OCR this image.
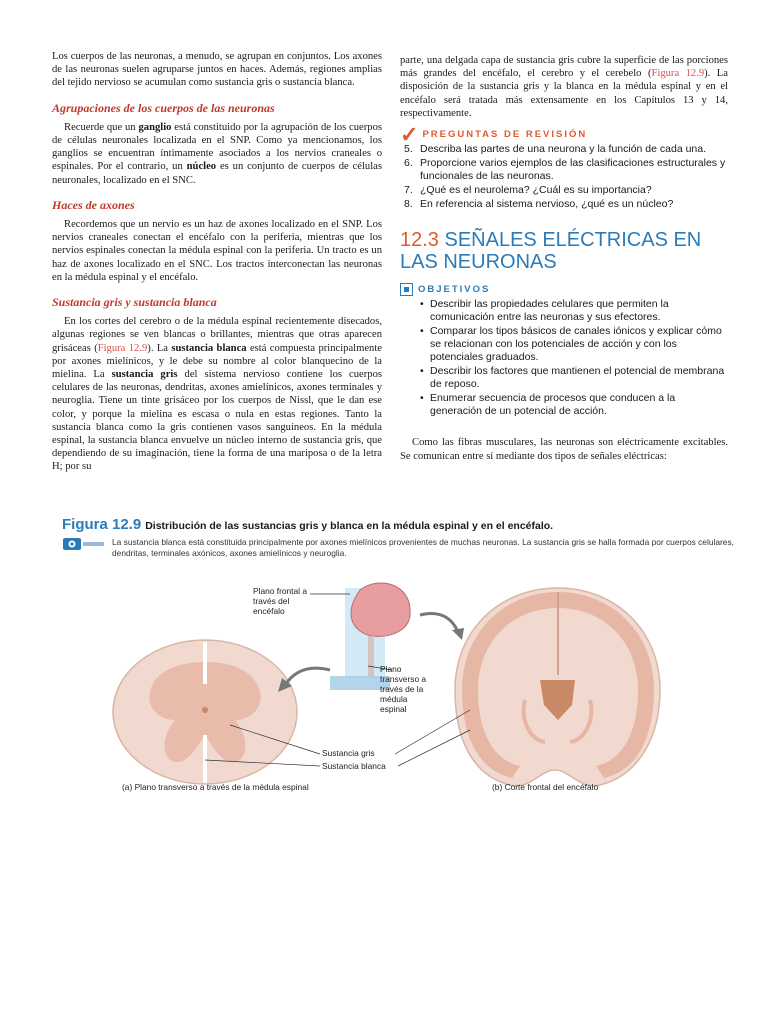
Los cuerpos de las neuronas, a menudo, se agrupan en conjuntos. Los axones de las neuronas suelen agruparse juntos en haces. Además, regiones amplias del tejido nervioso se acumulan como sustancia gris o sustancia blanca.

Agrupaciones de los cuerpos de las neuronas

Recuerde que un ganglio está constituido por la agrupación de los cuerpos de células neuronales localizada en el SNP. Como ya mencionamos, los ganglios se encuentran íntimamente asociados a los nervios craneales o espinales. Por el contrario, un núcleo es un conjunto de cuerpos de células neuronales, localizado en el SNC.

Haces de axones

Recordemos que un nervio es un haz de axones localizado en el SNP. Los nervios craneales conectan el encéfalo con la periferia, mientras que los nervios espinales conectan la médula espinal con la periferia. Un tracto es un haz de axones localizado en el SNC. Los tractos interconectan las neuronas en la médula espinal y el encéfalo.

Sustancia gris y sustancia blanca

En los cortes del cerebro o de la médula espinal recientemente disecados, algunas regiones se ven blancas o brillantes, mientras que otras aparecen grisáceas (Figura 12.9). La sustancia blanca está compuesta principalmente por axones mielínicos, y le debe su nombre al color blanquecino de la mielina. La sustancia gris del sistema nervioso contiene los cuerpos celulares de las neuronas, dendritas, axones amielínicos, axones terminales y neuroglia. Tiene un tinte grisáceo por los cuerpos de Nissl, que le dan ese color, y porque la mielina es escasa o nula en estas regiones. Tanto la sustancia blanca como la gris contienen vasos sanguíneos. En la médula espinal, la sustancia blanca envuelve un núcleo interno de sustancia gris, que dependiendo de su imaginación, tiene la forma de una mariposa o de la letra H; por su

parte, una delgada capa de sustancia gris cubre la superficie de las porciones más grandes del encéfalo, el cerebro y el cerebelo (Figura 12.9). La disposición de la sustancia gris y la blanca en la médula espinal y en el encéfalo será tratada más extensamente en los Capítulos 13 y 14, respectivamente.

✓ PREGUNTAS DE REVISIÓN
Describa las partes de una neurona y la función de cada una.
Proporcione varios ejemplos de las clasificaciones estructurales y funcionales de las neuronas.
¿Qué es el neurolema? ¿Cuál es su importancia?
En referencia al sistema nervioso, ¿qué es un núcleo?
12.3 SEÑALES ELÉCTRICAS EN LAS NEURONAS
OBJETIVOS
• Describir las propiedades celulares que permiten la comunicación entre las neuronas y sus efectores.
• Comparar los tipos básicos de canales iónicos y explicar cómo se relacionan con los potenciales de acción y con los potenciales graduados.
• Describir los factores que mantienen el potencial de membrana de reposo.
• Enumerar secuencia de procesos que conducen a la generación de un potencial de acción.

Como las fibras musculares, las neuronas son eléctricamente excitables. Se comunican entre sí mediante dos tipos de señales eléctricas:

Figura 12.9 Distribución de las sustancias gris y blanca en la médula espinal y en el encéfalo.
La sustancia blanca está constituida principalmente por axones mielínicos provenientes de muchas neuronas. La sustancia gris se halla formada por cuerpos celulares, dendritas, terminales axónicos, axones amielínicos y neuroglia.
Plano frontal a través del encéfalo
Plano transverso a través de la médula espinal
Sustancia gris
Sustancia blanca
(a) Plano transverso a través de la médula espinal	(b) Corte frontal del encéfalo
